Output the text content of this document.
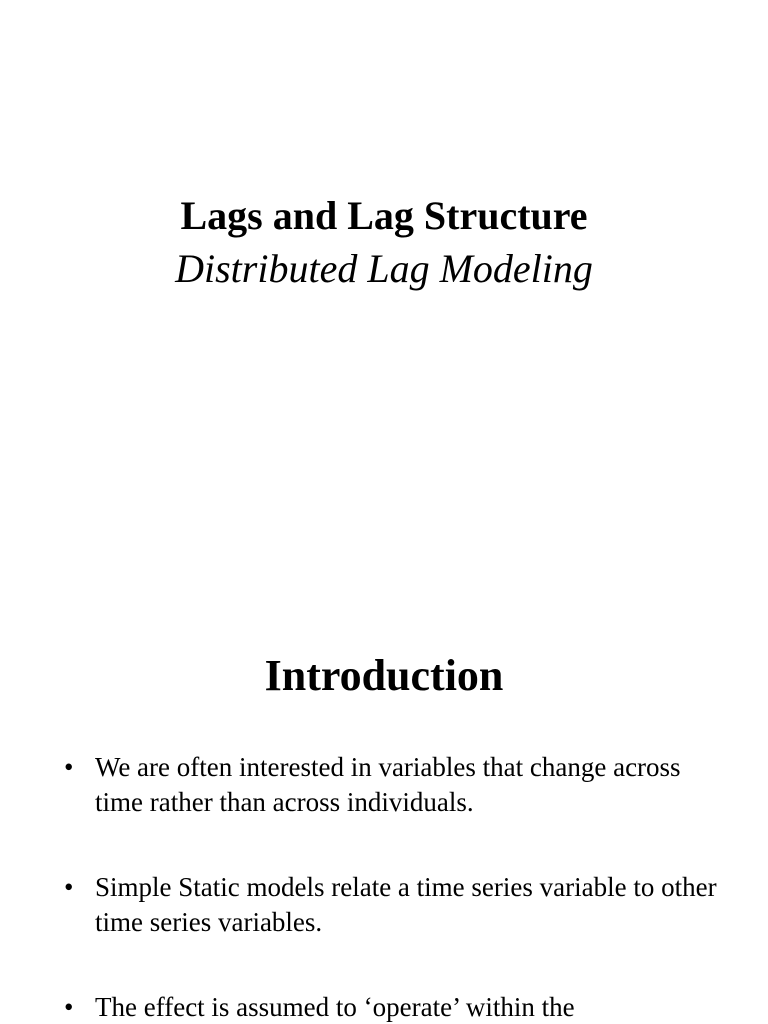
Lags and Lag Structure
Distributed Lag Modeling
Introduction
• We are often interested in variables that change across time rather than across individuals.
• Simple Static models relate a time series variable to other time series variables.
• The effect is assumed to ‘operate’ within the
